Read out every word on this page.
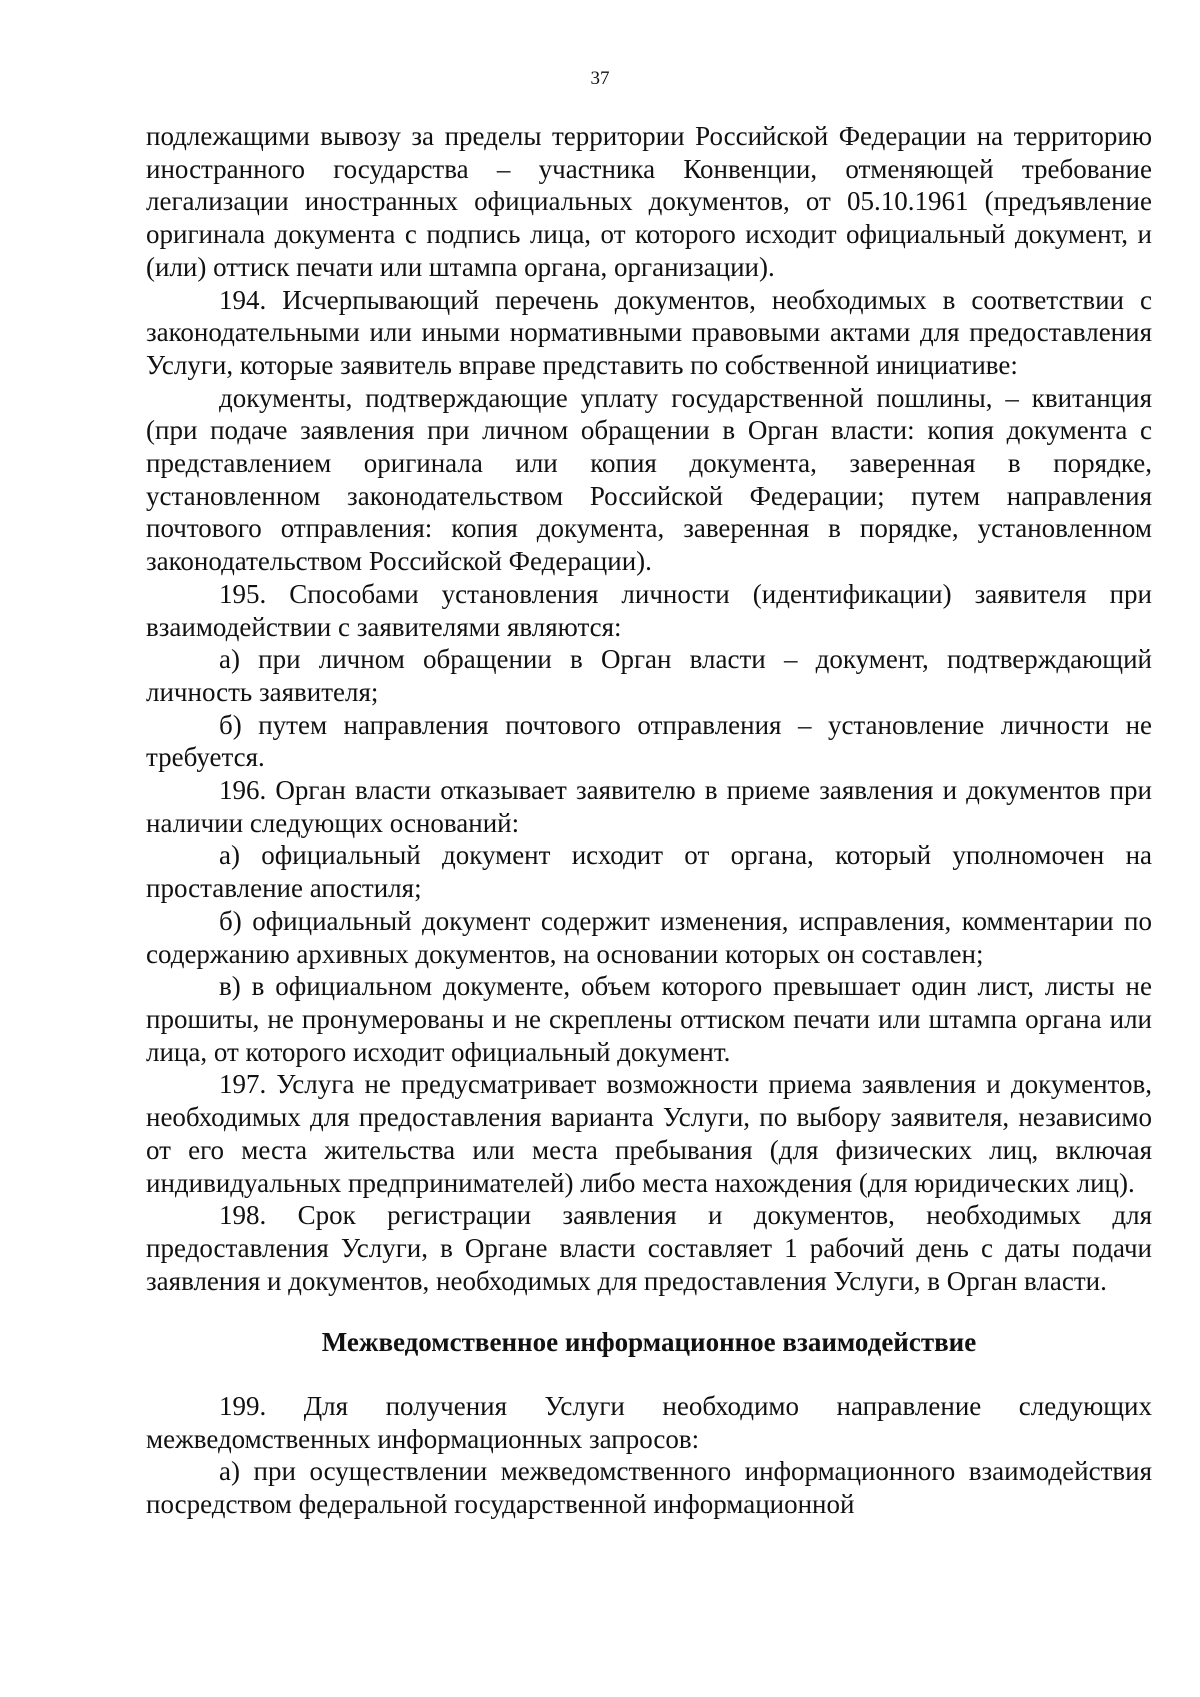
37

подлежащими вывозу за пределы территории Российской Федерации на территорию иностранного государства – участника Конвенции, отменяющей требование легализации иностранных официальных документов, от 05.10.1961 (предъявление оригинала документа с подпись лица, от которого исходит официальный документ, и (или) оттиск печати или штампа органа, организации).

194. Исчерпывающий перечень документов, необходимых в соответствии с законодательными или иными нормативными правовыми актами для предоставления Услуги, которые заявитель вправе представить по собственной инициативе:

документы, подтверждающие уплату государственной пошлины, – квитанция (при подаче заявления при личном обращении в Орган власти: копия документа с представлением оригинала или копия документа, заверенная в порядке, установленном законодательством Российской Федерации; путем направления почтового отправления: копия документа, заверенная в порядке, установленном законодательством Российской Федерации).

195. Способами установления личности (идентификации) заявителя при взаимодействии с заявителями являются:

а) при личном обращении в Орган власти – документ, подтверждающий личность заявителя;

б) путем направления почтового отправления – установление личности не требуется.

196. Орган власти отказывает заявителю в приеме заявления и документов при наличии следующих оснований:

а) официальный документ исходит от органа, который уполномочен на проставление апостиля;

б) официальный документ содержит изменения, исправления, комментарии по содержанию архивных документов, на основании которых он составлен;

в) в официальном документе, объем которого превышает один лист, листы не прошиты, не пронумерованы и не скреплены оттиском печати или штампа органа или лица, от которого исходит официальный документ.

197. Услуга не предусматривает возможности приема заявления и документов, необходимых для предоставления варианта Услуги, по выбору заявителя, независимо от его места жительства или места пребывания (для физических лиц, включая индивидуальных предпринимателей) либо места нахождения (для юридических лиц).

198. Срок регистрации заявления и документов, необходимых для предоставления Услуги, в Органе власти составляет 1 рабочий день с даты подачи заявления и документов, необходимых для предоставления Услуги, в Орган власти.

Межведомственное информационное взаимодействие

199. Для получения Услуги необходимо направление следующих межведомственных информационных запросов:

а) при осуществлении межведомственного информационного взаимодействия посредством федеральной государственной информационной
